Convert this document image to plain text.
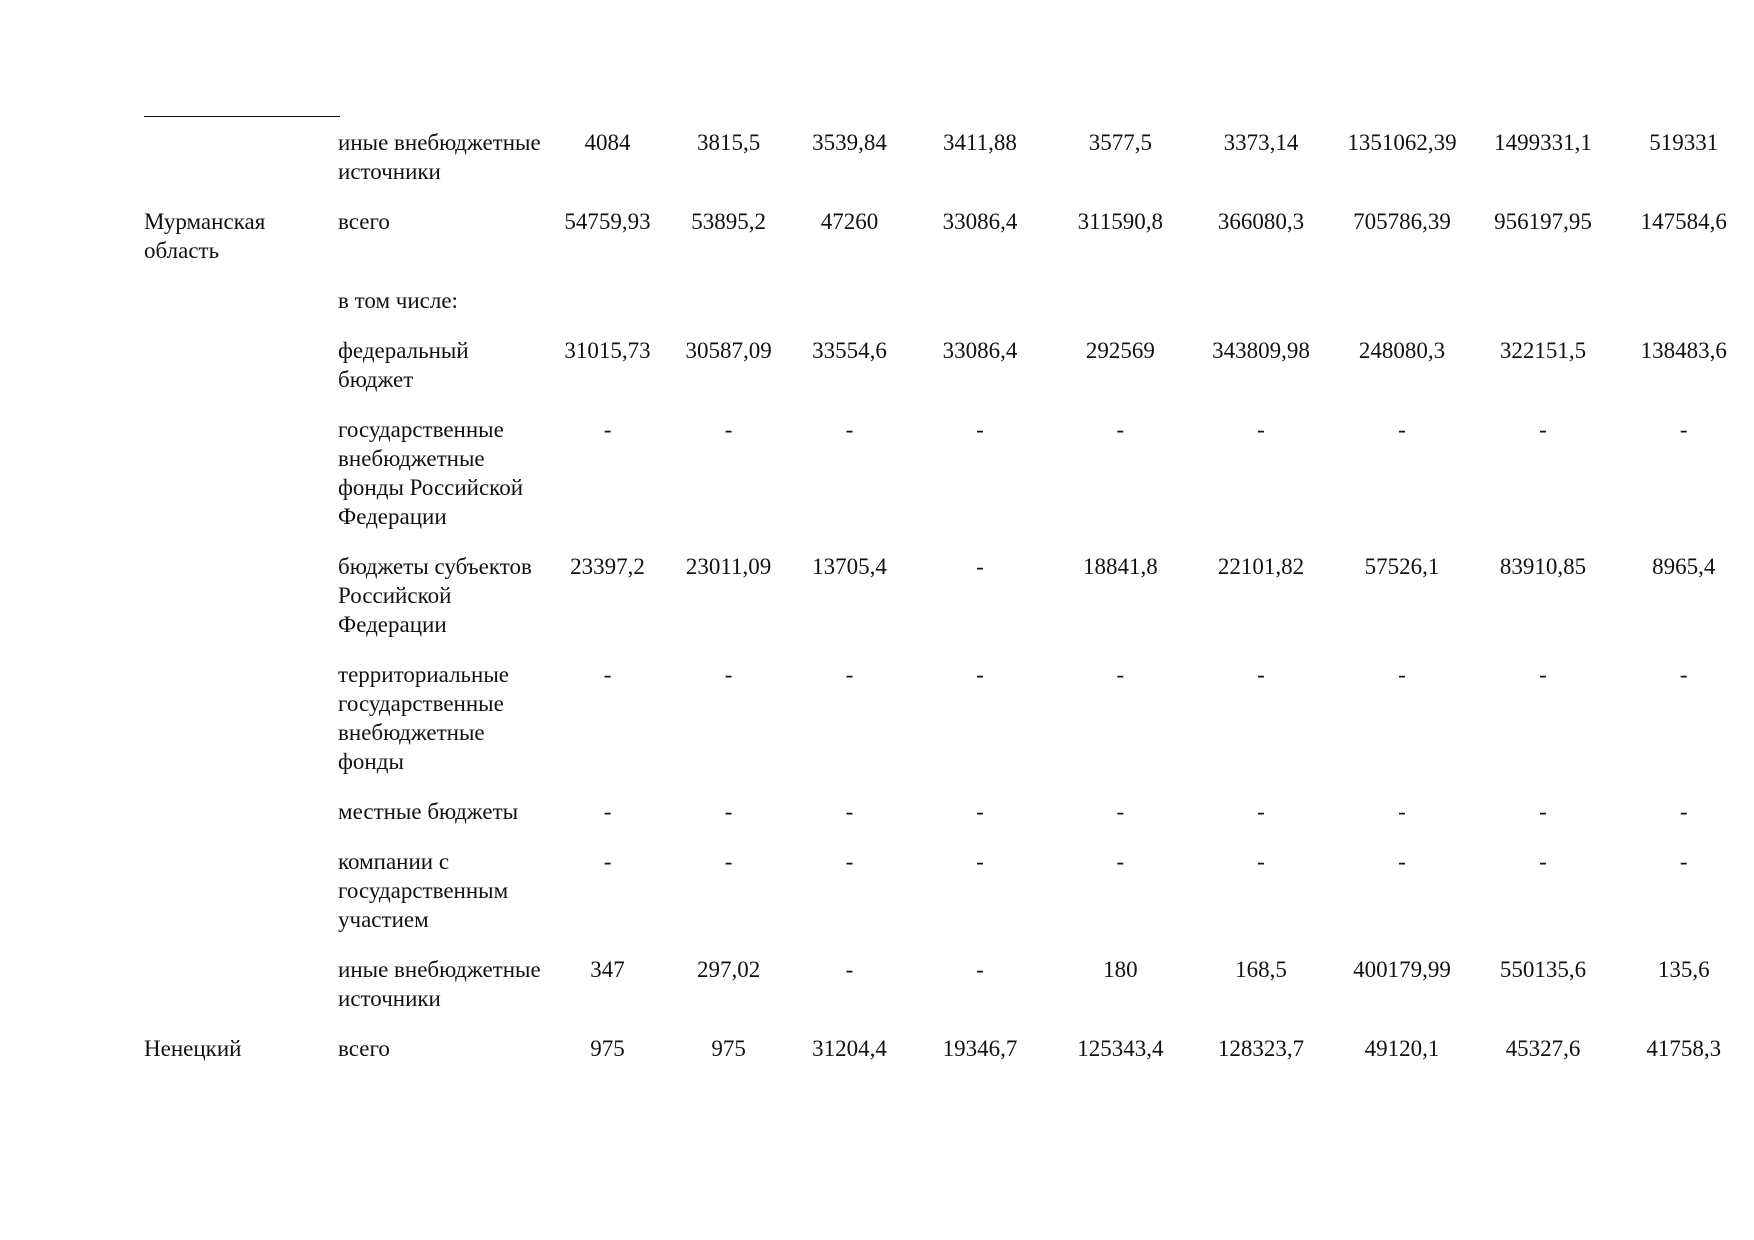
	иные внебюджетные источники	4084	3815,5	3539,84	3411,88	3577,5	3373,14	1351062,39	1499331,1	519331
Мурманская область	всего	54759,93	53895,2	47260	33086,4	311590,8	366080,3	705786,39	956197,95	147584,6
	в том числе:									
	федеральный бюджет	31015,73	30587,09	33554,6	33086,4	292569	343809,98	248080,3	322151,5	138483,6
	государственные внебюджетные фонды Российской Федерации	-	-	-	-	-	-	-	-	-
	бюджеты субъектов Российской Федерации	23397,2	23011,09	13705,4	-	18841,8	22101,82	57526,1	83910,85	8965,4
	территориальные государственные внебюджетные фонды	-	-	-	-	-	-	-	-	-
	местные бюджеты	-	-	-	-	-	-	-	-	-
	компании с государственным участием	-	-	-	-	-	-	-	-	-
	иные внебюджетные источники	347	297,02	-	-	180	168,5	400179,99	550135,6	135,6
Ненецкий	всего	975	975	31204,4	19346,7	125343,4	128323,7	49120,1	45327,6	41758,3
